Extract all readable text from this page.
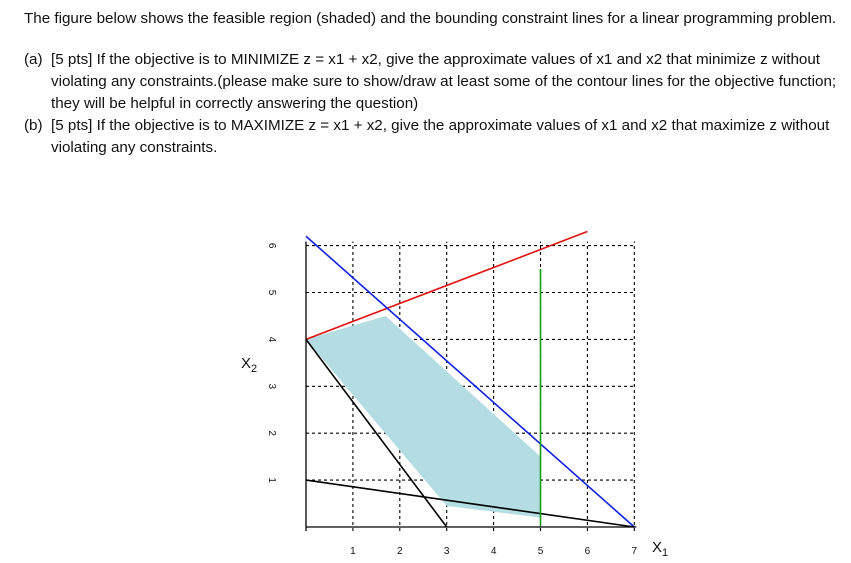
The figure below shows the feasible region (shaded) and the bounding constraint lines for a linear programming problem.

(a)
[5 pts] If the objective is to MINIMIZE z = x1 + x2, give the approximate values of x1 and x2 that minimize z without violating any constraints.(please make sure to show/draw at least some of the contour lines for the objective function; they will be helpful in correctly answering the question)
(b)
[5 pts] If the objective is to MAXIMIZE z = x1 + x2, give the approximate values of x1 and x2 that maximize z without violating any constraints.
1	2	3	4	5	6	7
1
2
3
4
5
6
$X_2$
$X_1$
